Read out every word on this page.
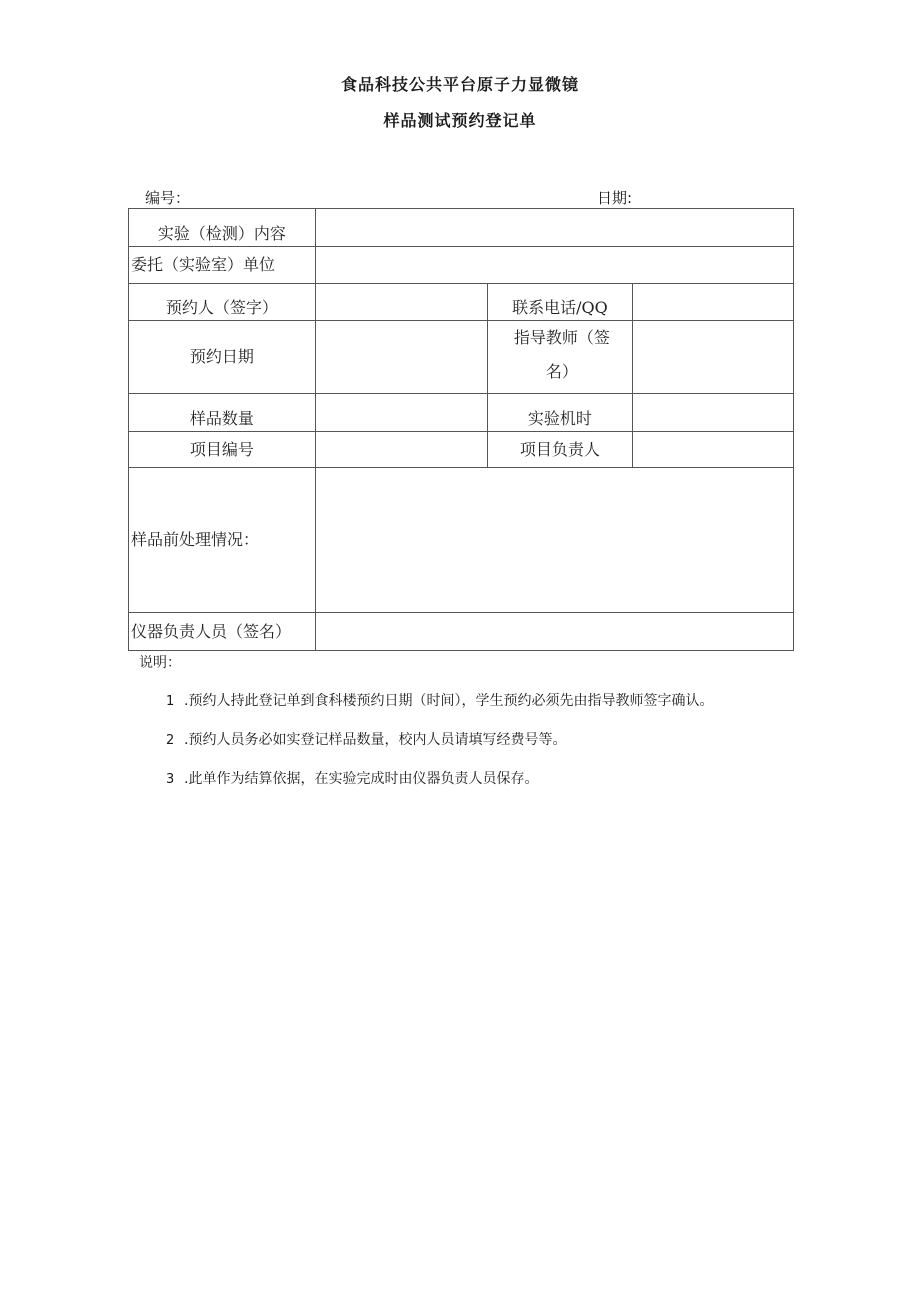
食品科技公共平台原子力显微镜
样品测试预约登记单
编号：	日期:
实验（检测）内容			
委托（实验室）单位			
预约人（签字）		联系电话/QQ	
预约日期		指导教师（签名）	

样品数量		实验机时	
项目编号		项目负责人	
样品前处理情况：			
仪器负责人员（签名）			
说明：
1 .预约人持此登记单到食科楼预约日期（时间），学生预约必须先由指导教师签字确认。
2 .预约人员务必如实登记样品数量，校内人员请填写经费号等。
3 .此单作为结算依据，在实验完成时由仪器负责人员保存。
